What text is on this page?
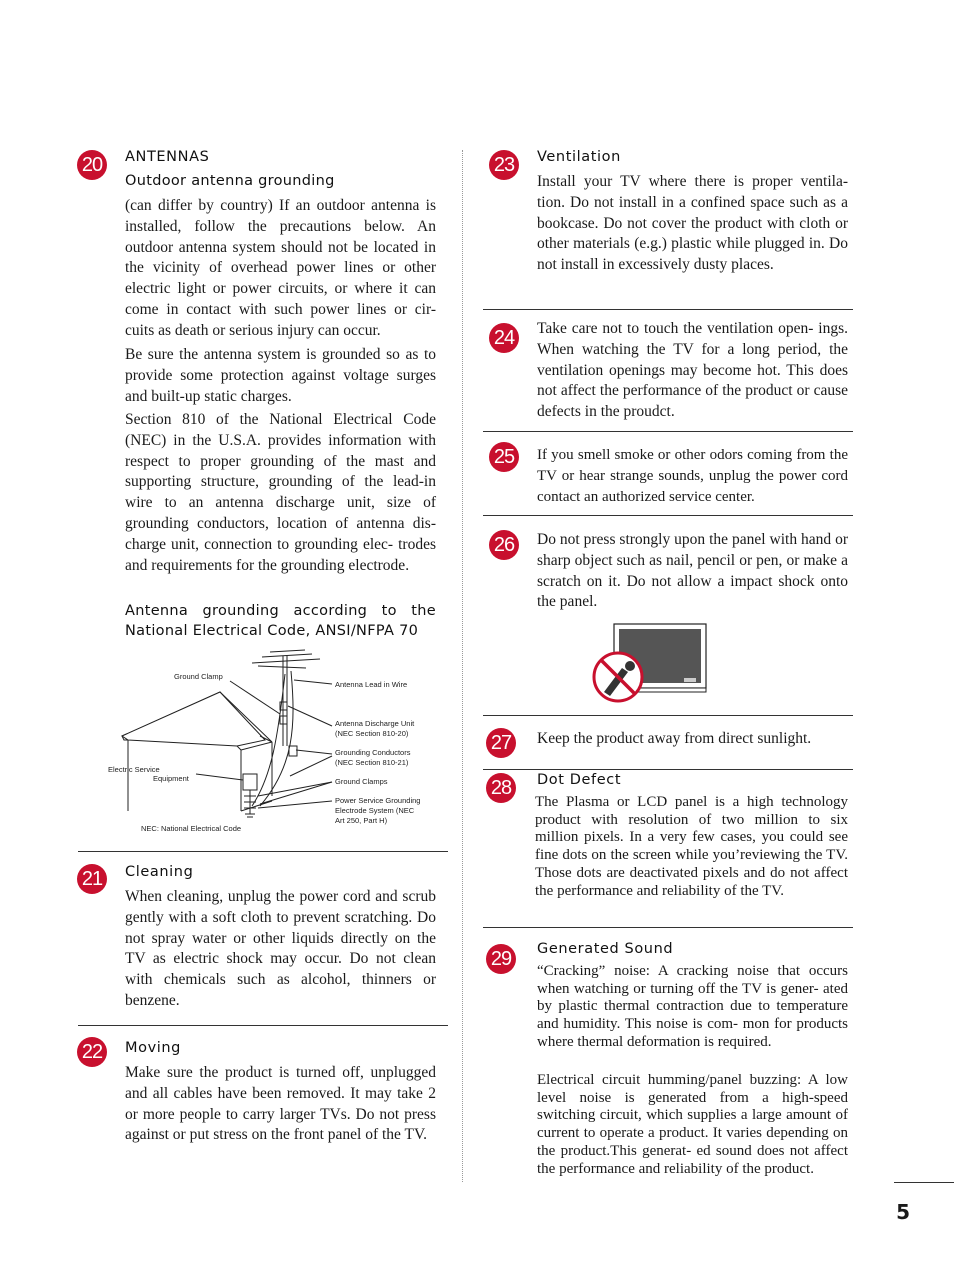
20	ANTENNAS
Outdoor antenna grounding
(can differ by country) If an outdoor antenna is installed, follow the precautions below. An outdoor antenna system should not be located in the vicinity of overhead power lines or other electric light or power circuits, or where it can come in contact with such power lines or cir- cuits as death or serious injury can occur.
Be sure the antenna system is grounded so as to provide some protection against voltage surges and built-up static charges.
Section 810 of the National Electrical Code (NEC) in the U.S.A. provides information with respect to proper grounding of the mast and supporting structure, grounding of the lead-in wire to an antenna discharge unit, size of grounding conductors, location of antenna dis- charge unit, connection to grounding elec- trodes and requirements for the grounding electrode.
Antenna grounding according to the
National Electrical Code, ANSI/NFPA 70
Ground Clamp
Antenna Lead in Wire
Antenna Discharge Unit
(NEC Section 810-20)
Grounding Conductors
(NEC Section 810-21)
Ground Clamps
Electric Service
Equipment
Power Service Grounding
Electrode System (NEC
Art 250, Part H)
NEC: National Electrical Code
21	Cleaning
When cleaning, unplug the power cord and scrub gently with a soft cloth to prevent scratching. Do not spray water or other liquids directly on the TV as electric shock may occur. Do not clean with chemicals such as alcohol, thinners or benzene.
22	Moving
Make sure the product is turned off, unplugged and all cables have been removed. It may take 2 or more people to carry larger TVs. Do not press against or put stress on the front panel of the TV.
23	Ventilation
Install your TV where there is proper ventila- tion. Do not install in a confined space such as a bookcase. Do not cover the product with cloth or other materials (e.g.) plastic while plugged in. Do not install in excessively dusty places.
24	Take care not to touch the ventilation open- ings. When watching the TV for a long period, the ventilation openings may become hot. This does not affect the performance of the product or cause defects in the proudct.
25	If you smell smoke or other odors coming from the TV or hear strange sounds, unplug the power cord contact an authorized service center.
26	Do not press strongly upon the panel with hand or sharp object such as nail, pencil or pen, or make a scratch on it. Do not allow a impact shock onto the panel.
27	Keep the product away from direct sunlight.
28	Dot Defect
The Plasma or LCD panel is a high technology product with resolution of two million to six million pixels. In a very few cases, you could see fine dots on the screen while you’reviewing the TV. Those dots are deactivated pixels and do not affect the performance and reliability of the TV.
29	Generated Sound
“Cracking” noise: A cracking noise that occurs when watching or turning off the TV is gener- ated by plastic thermal contraction due to temperature and humidity. This noise is com- mon for products where thermal deformation is required.
Electrical circuit humming/panel buzzing: A low level noise is generated from a high-speed switching circuit, which supplies a large amount of current to operate a product. It varies depending on the product.This generat- ed sound does not affect the performance and reliability of the product.
5
